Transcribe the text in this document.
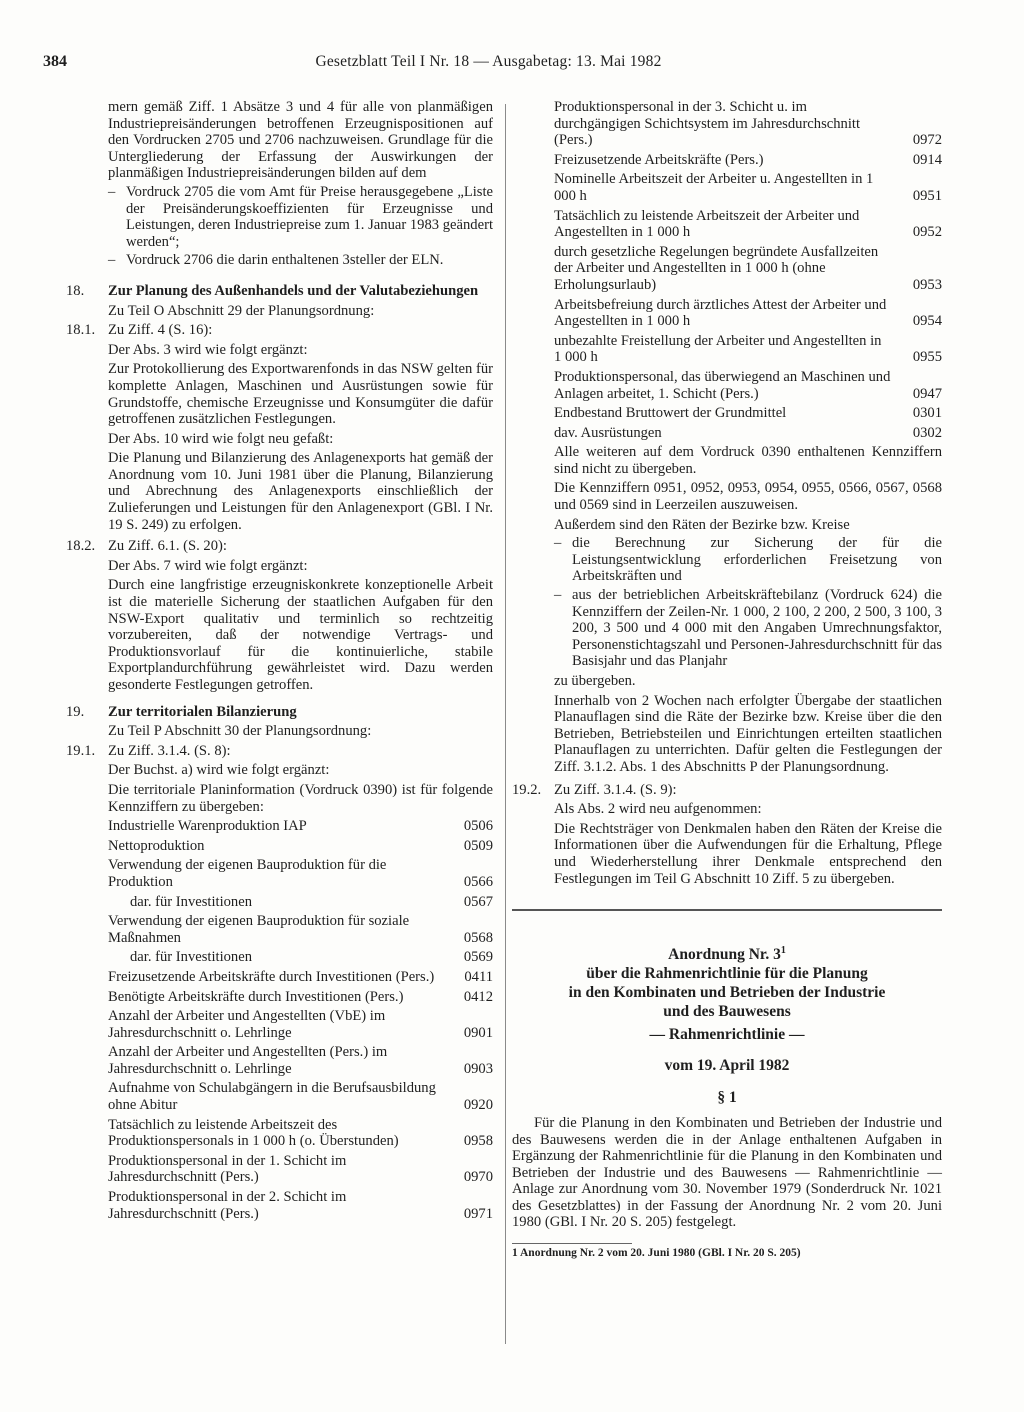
384	Gesetzblatt Teil I Nr. 18 — Ausgabetag: 13. Mai 1982
mern gemäß Ziff. 1 Absätze 3 und 4 für alle von planmäßigen Industriepreisänderungen betroffenen Erzeugnispositionen auf den Vordrucken 2705 und 2706 nachzuweisen. Grundlage für die Untergliederung der Erfassung der Auswirkungen der planmäßigen Industriepreisänderungen bilden auf dem
– Vordruck 2705 die vom Amt für Preise herausgegebene „Liste der Preisänderungskoeffizienten für Erzeugnisse und Leistungen, deren Industriepreise zum 1. Januar 1983 geändert werden“;
– Vordruck 2706 die darin enthaltenen 3steller der ELN.
18.	Zur Planung des Außenhandels und der Valutabeziehungen
Zu Teil O Abschnitt 29 der Planungsordnung:
18.1. Zu Ziff. 4 (S. 16):
Der Abs. 3 wird wie folgt ergänzt:
Zur Protokollierung des Exportwarenfonds in das NSW gelten für komplette Anlagen, Maschinen und Ausrüstungen sowie für Grundstoffe, chemische Erzeugnisse und Konsumgüter die dafür getroffenen zusätzlichen Festlegungen.
Der Abs. 10 wird wie folgt neu gefaßt:
Die Planung und Bilanzierung des Anlagenexports hat gemäß der Anordnung vom 10. Juni 1981 über die Planung, Bilanzierung und Abrechnung des Anlagenexports einschließlich der Zulieferungen und Leistungen für den Anlagenexport (GBl. I Nr. 19 S. 249) zu erfolgen.
18.2. Zu Ziff. 6.1. (S. 20):
Der Abs. 7 wird wie folgt ergänzt:
Durch eine langfristige erzeugniskonkrete konzeptionelle Arbeit ist die materielle Sicherung der staatlichen Aufgaben für den NSW-Export qualitativ und terminlich so rechtzeitig vorzubereiten, daß der notwendige Vertrags- und Produktionsvorlauf für die kontinuierliche, stabile Exportplandurchführung gewährleistet wird. Dazu werden gesonderte Festlegungen getroffen.
19.	Zur territorialen Bilanzierung
Zu Teil P Abschnitt 30 der Planungsordnung:
19.1. Zu Ziff. 3.1.4. (S. 8):
Der Buchst. a) wird wie folgt ergänzt:
Die territoriale Planinformation (Vordruck 0390) ist für folgende Kennziffern zu übergeben:
Industrielle Warenproduktion IAP	0506
Nettoproduktion	0509
Verwendung der eigenen Bauproduktion für die Produktion	0566
dar. für Investitionen	0567
Verwendung der eigenen Bauproduktion für soziale Maßnahmen	0568
dar. für Investitionen	0569
Freizusetzende Arbeitskräfte durch Investitionen (Pers.)	0411
Benötigte Arbeitskräfte durch Investitionen (Pers.)	0412
Anzahl der Arbeiter und Angestellten (VbE) im Jahresdurchschnitt o. Lehrlinge	0901
Anzahl der Arbeiter und Angestellten (Pers.) im Jahresdurchschnitt o. Lehrlinge	0903
Aufnahme von Schulabgängern in die Berufsausbildung ohne Abitur	0920
Tatsächlich zu leistende Arbeitszeit des Produktionspersonals in 1 000 h (o. Überstunden)	0958
Produktionspersonal in der 1. Schicht im Jahresdurchschnitt (Pers.)	0970
Produktionspersonal in der 2. Schicht im Jahresdurchschnitt (Pers.)	0971
Produktionspersonal in der 3. Schicht u. im durchgängigen Schichtsystem im Jahresdurchschnitt (Pers.)	0972
Freizusetzende Arbeitskräfte (Pers.)	0914
Nominelle Arbeitszeit der Arbeiter u. Angestellten in 1 000 h	0951
Tatsächlich zu leistende Arbeitszeit der Arbeiter und Angestellten in 1 000 h	0952
durch gesetzliche Regelungen begründete Ausfallzeiten der Arbeiter und Angestellten in 1 000 h (ohne Erholungsurlaub)	0953
Arbeitsbefreiung durch ärztliches Attest der Arbeiter und Angestellten in 1 000 h	0954
unbezahlte Freistellung der Arbeiter und Angestellten in 1 000 h	0955
Produktionspersonal, das überwiegend an Maschinen und Anlagen arbeitet, 1. Schicht (Pers.)	0947
Endbestand Bruttowert der Grundmittel	0301
dav. Ausrüstungen	0302
Alle weiteren auf dem Vordruck 0390 enthaltenen Kennziffern sind nicht zu übergeben.
Die Kennziffern 0951, 0952, 0953, 0954, 0955, 0566, 0567, 0568 und 0569 sind in Leerzeilen auszuweisen.
Außerdem sind den Räten der Bezirke bzw. Kreise
– die Berechnung zur Sicherung der für die Leistungsentwicklung erforderlichen Freisetzung von Arbeitskräften und
– aus der betrieblichen Arbeitskräftebilanz (Vordruck 624) die Kennziffern der Zeilen-Nr. 1 000, 2 100, 2 200, 2 500, 3 100, 3 200, 3 500 und 4 000 mit den Angaben Umrechnungsfaktor, Personenstichtagszahl und Personen-Jahresdurchschnitt für das Basisjahr und das Planjahr
zu übergeben.
Innerhalb von 2 Wochen nach erfolgter Übergabe der staatlichen Planauflagen sind die Räte der Bezirke bzw. Kreise über die den Betrieben, Betriebsteilen und Einrichtungen erteilten staatlichen Planauflagen zu unterrichten. Dafür gelten die Festlegungen der Ziff. 3.1.2. Abs. 1 des Abschnitts P der Planungsordnung.
19.2. Zu Ziff. 3.1.4. (S. 9):
Als Abs. 2 wird neu aufgenommen:
Die Rechtsträger von Denkmalen haben den Räten der Kreise die Informationen über die Aufwendungen für die Erhaltung, Pflege und Wiederherstellung ihrer Denkmale entsprechend den Festlegungen im Teil G Abschnitt 10 Ziff. 5 zu übergeben.
Anordnung Nr. $3^1$
über die Rahmenrichtlinie für die Planung
in den Kombinaten und Betrieben der Industrie
und des Bauwesens
— Rahmenrichtlinie —
vom 19. April 1982
§ 1
Für die Planung in den Kombinaten und Betrieben der Industrie und des Bauwesens werden die in der Anlage enthaltenen Aufgaben in Ergänzung der Rahmenrichtlinie für die Planung in den Kombinaten und Betrieben der Industrie und des Bauwesens — Rahmenrichtlinie — Anlage zur Anordnung vom 30. November 1979 (Sonderdruck Nr. 1021 des Gesetzblattes) in der Fassung der Anordnung Nr. 2 vom 20. Juni 1980 (GBl. I Nr. 20 S. 205) festgelegt.
1 Anordnung Nr. 2 vom 20. Juni 1980 (GBl. I Nr. 20 S. 205)
